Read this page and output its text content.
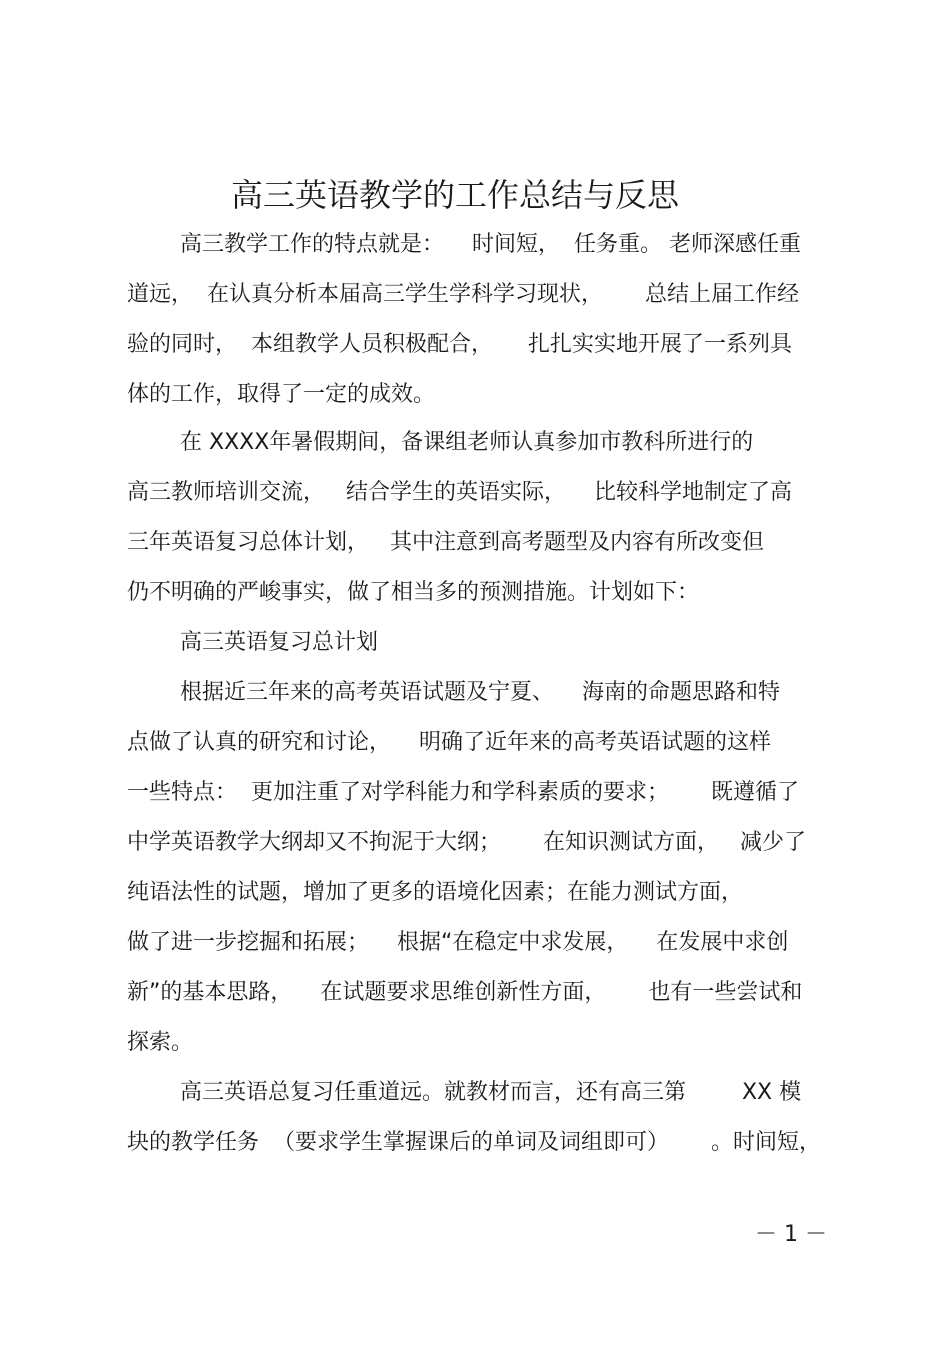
高三英语教学的工作总结与反思
高三教学工作的特点就是：    时间短，  任务重。 老师深感任重
道远，  在认真分析本届高三学生学科学习现状，      总结上届工作经
验的同时，  本组教学人员积极配合，     扎扎实实地开展了一系列具
体的工作，取得了一定的成效。
在 XXXX年暑假期间，备课组老师认真参加市教科所进行的
高三教师培训交流，   结合学生的英语实际，    比较科学地制定了高
三年英语复习总体计划，   其中注意到高考题型及内容有所改变但
仍不明确的严峻事实，做了相当多的预测措施。计划如下：
高三英语复习总计划
根据近三年来的高考英语试题及宁夏、    海南的命题思路和特
点做了认真的研究和讨论，    明确了近年来的高考英语试题的这样
一些特点：  更加注重了对学科能力和学科素质的要求；      既遵循了
中学英语教学大纲却又不拘泥于大纲；      在知识测试方面，   减少了
纯语法性的试题，增加了更多的语境化因素；在能力测试方面，
做了进一步挖掘和拓展；    根据“在稳定中求发展，    在发展中求创
新”的基本思路，    在试题要求思维创新性方面，      也有一些尝试和
探索。
高三英语总复习任重道远。就教材而言，还有高三第        XX 模
块的教学任务  （要求学生掌握课后的单词及词组即可）      。时间短，
－ 1 －
